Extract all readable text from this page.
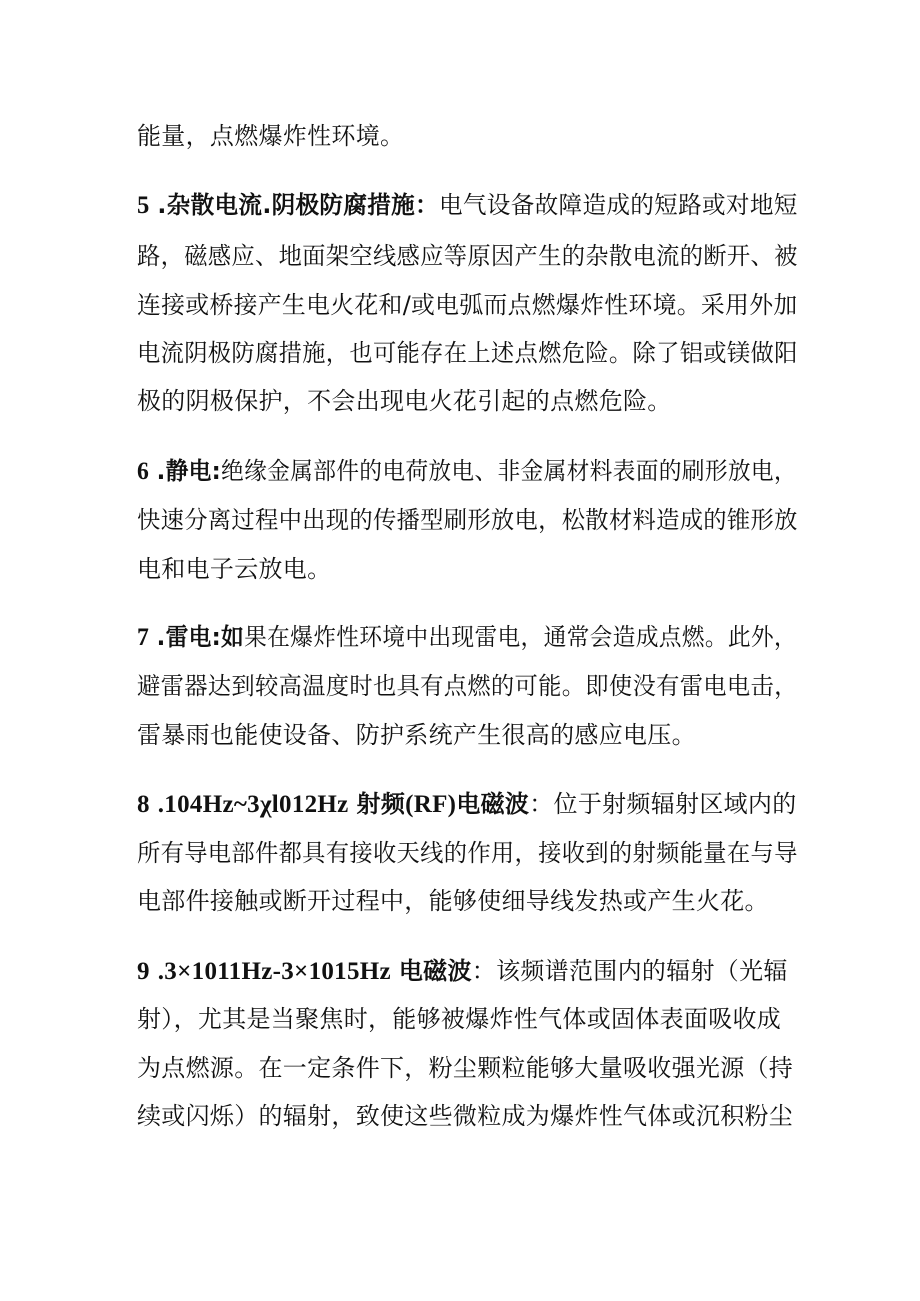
能量，点燃爆炸性环境。
5 .杂散电流.阴极防腐措施：电气设备故障造成的短路或对地短
路，磁感应、地面架空线感应等原因产生的杂散电流的断开、被
连接或桥接产生电火花和/或电弧而点燃爆炸性环境。采用外加
电流阴极防腐措施，也可能存在上述点燃危险。除了铝或镁做阳
极的阴极保护，不会出现电火花引起的点燃危险。
6 .静电:绝缘金属部件的电荷放电、非金属材料表面的刷形放电，
快速分离过程中出现的传播型刷形放电，松散材料造成的锥形放
电和电子云放电。
7 .雷电:如果在爆炸性环境中出现雷电，通常会造成点燃。此外，
避雷器达到较高温度时也具有点燃的可能。即使没有雷电电击，
雷暴雨也能使设备、防护系统产生很高的感应电压。
8 .104Hz~3χl012Hz 射频(RF)电磁波：位于射频辐射区域内的
所有导电部件都具有接收天线的作用，接收到的射频能量在与导
电部件接触或断开过程中，能够使细导线发热或产生火花。
9 .3×1011Hz-3×1015Hz 电磁波：该频谱范围内的辐射（光辐
射），尤其是当聚焦时，能够被爆炸性气体或固体表面吸收成
为点燃源。在一定条件下，粉尘颗粒能够大量吸收强光源（持
续或闪烁）的辐射，致使这些微粒成为爆炸性气体或沉积粉尘
